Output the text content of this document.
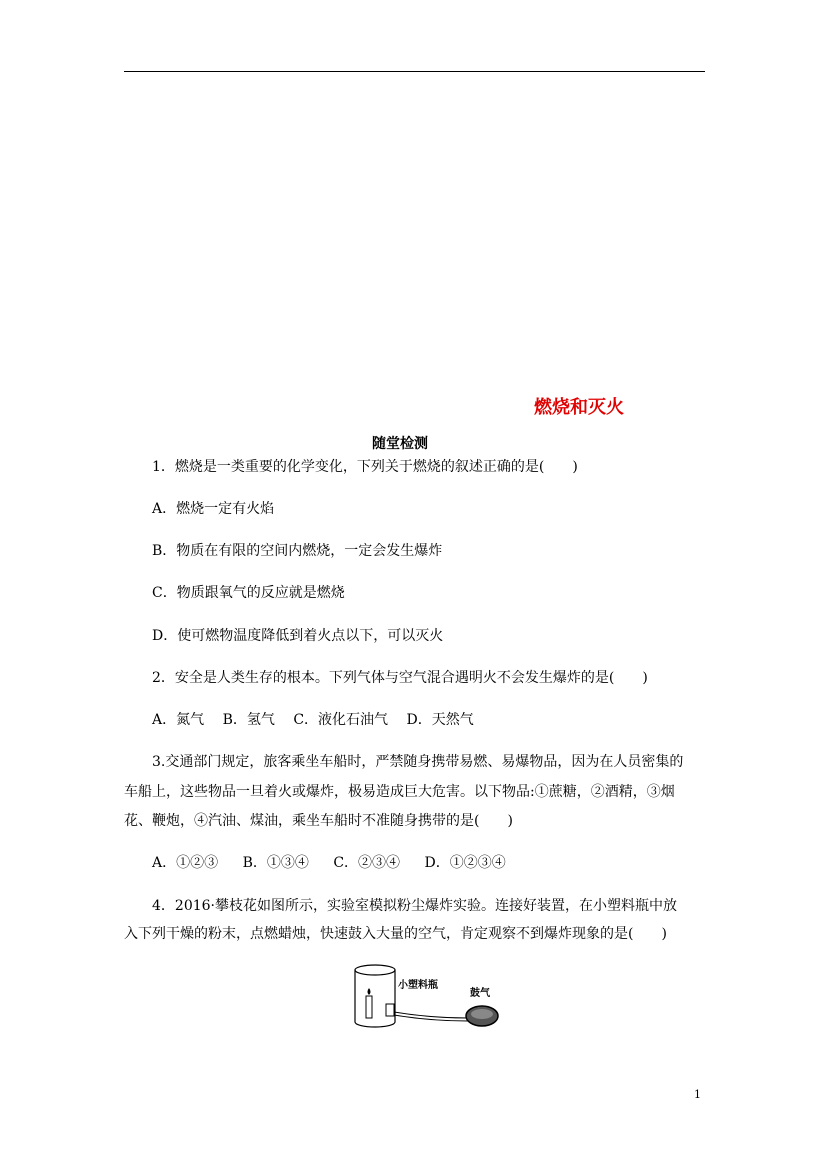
燃烧和灭火
随堂检测
1．燃烧是一类重要的化学变化，下列关于燃烧的叙述正确的是(　　)
A．燃烧一定有火焰
B．物质在有限的空间内燃烧，一定会发生爆炸
C．物质跟氧气的反应就是燃烧
D．使可燃物温度降低到着火点以下，可以灭火
2．安全是人类生存的根本。下列气体与空气混合遇明火不会发生爆炸的是(　　)
A．氮气 B．氢气 C．液化石油气 D．天然气
3.交通部门规定，旅客乘坐车船时，严禁随身携带易燃、易爆物品，因为在人员密集的
车船上，这些物品一旦着火或爆炸，极易造成巨大危害。以下物品:①蔗糖，②酒精，③烟
花、鞭炮，④汽油、煤油，乘坐车船时不准随身携带的是(　　)
A．①②③ B．①③④ C．②③④ D．①②③④
4．2016·攀枝花如图所示，实验室模拟粉尘爆炸实验。连接好装置，在小塑料瓶中放
入下列干燥的粉末，点燃蜡烛，快速鼓入大量的空气，肯定观察不到爆炸现象的是(　　)
小塑料瓶
鼓气
1
